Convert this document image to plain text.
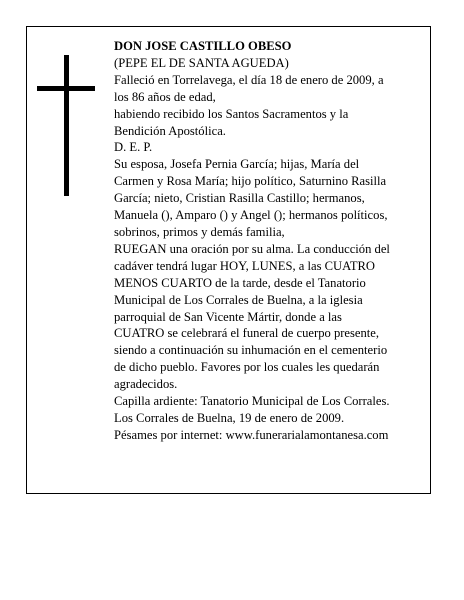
DON JOSE CASTILLO OBESO
(PEPE EL DE SANTA AGUEDA)
Falleció en Torrelavega, el día 18 de enero de 2009, a
los 86 años de edad,
habiendo recibido los Santos Sacramentos y la
Bendición Apostólica.
D. E. P.
Su esposa, Josefa Pernia García; hijas, María del
Carmen y Rosa María; hijo político, Saturnino Rasilla
García; nieto, Cristian Rasilla Castillo; hermanos,
Manuela (), Amparo () y Angel (); hermanos políticos,
sobrinos, primos y demás familia,
RUEGAN una oración por su alma. La conducción del
cadáver tendrá lugar HOY, LUNES, a las CUATRO
MENOS CUARTO de la tarde, desde el Tanatorio
Municipal de Los Corrales de Buelna, a la iglesia
parroquial de San Vicente Mártir, donde a las
CUATRO se celebrará el funeral de cuerpo presente,
siendo a continuación su inhumación en el cementerio
de dicho pueblo. Favores por los cuales les quedarán
agradecidos.
Capilla ardiente: Tanatorio Municipal de Los Corrales.
Los Corrales de Buelna, 19 de enero de 2009.
Pésames por internet: www.funerarialamontanesa.com
